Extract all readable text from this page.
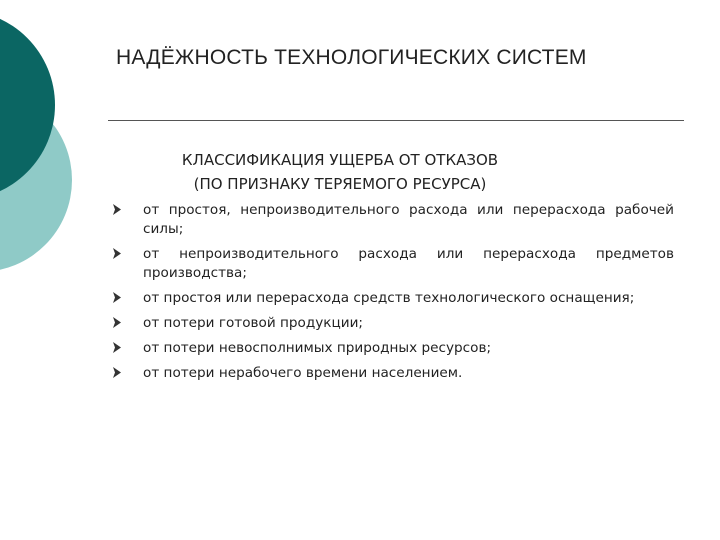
НАДЁЖНОСТЬ ТЕХНОЛОГИЧЕСКИХ СИСТЕМ
КЛАССИФИКАЦИЯ УЩЕРБА ОТ ОТКАЗОВ
(ПО ПРИЗНАКУ ТЕРЯЕМОГО РЕСУРСА)
от простоя, непроизводительного расхода или перерасхода рабочей силы;
от непроизводительного расхода или перерасхода предметов производства;
от простоя или перерасхода средств технологического оснащения;
от потери готовой продукции;
от потери невосполнимых природных ресурсов;
от потери нерабочего времени населением.
